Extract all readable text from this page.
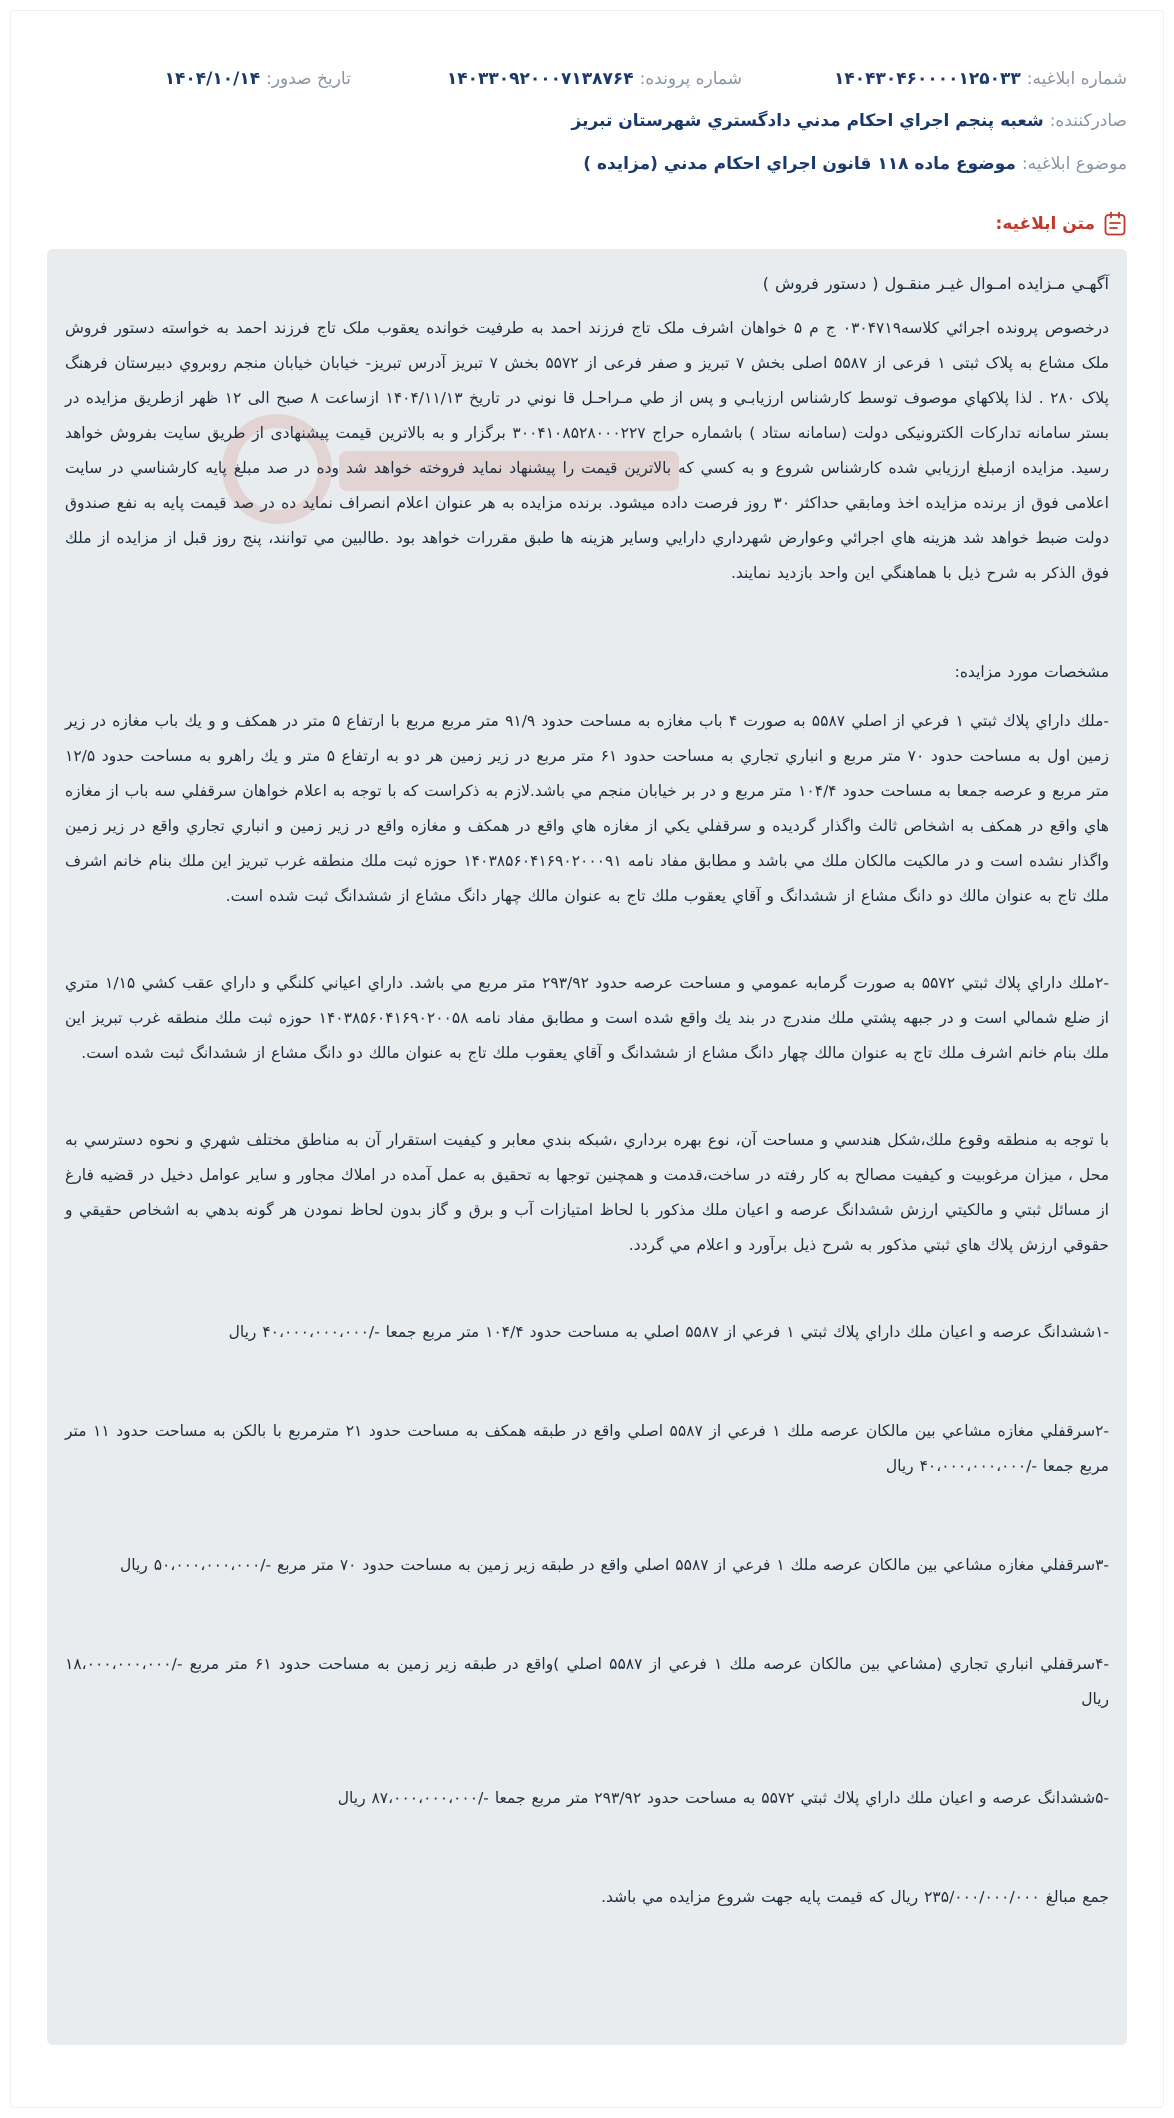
شماره ابلاغیه:
۱۴۰۴۳۰۴۶۰۰۰۰۱۲۵۰۳۳
شماره پرونده:
۱۴۰۳۳۰۹۲۰۰۰۷۱۳۸۷۶۴
تاریخ صدور:
۱۴۰۴/۱۰/۱۴
صادرکننده:
شعبه پنجم اجراي احكام مدني دادگستري شهرستان تبريز
موضوع ابلاغیه:
موضوع ماده ۱۱۸ قانون اجراي احكام مدني (مزايده )
متن ابلاغیه:

آگهـي مـزايده امـوال غيـر منقـول ( دستور فروش )

درخصوص پرونده اجرائي كلاسه۰۳۰۴۷۱۹ ج م ۵ خواهان اشرف ملک تاج فرزند احمد به طرفيت خوانده يعقوب ملک تاج فرزند احمد به خواسته دستور فروش ملک مشاع به پلاک ثبتی ۱ فرعی از ۵۵۸۷ اصلی بخش ۷ تبریز و صفر فرعی از ۵۵۷۲ بخش ۷ تبریز آدرس تبريز- خيابان خيابان منجم روبروي دبيرستان فرهنگ پلاک ۲۸۰ . لذا پلاكهاي موصوف توسط كارشناس ارزيابـي و پس از طي مـراحـل قا نوني در تاريخ ۱۴۰۴/۱۱/۱۳ ازساعت ۸ صبح الی ۱۲ ظهر ازطريق مزايده در بستر سامانه تداركات الكترونيكی دولت (سامانه ستاد ) باشماره حراج ۳۰۰۴۱۰۸۵۲۸۰۰۰۲۲۷ برگزار و به بالاترين قيمت پيشنهادی از طريق سايت بفروش خواهد رسيد. مزايده ازمبلغ ارزيابي شده كارشناس شروع و به كسي كه بالاترين قيمت را پيشنهاد نمايد فروخته خواهد شد وده در صد مبلغ پايه كارشناسي در سايت اعلامی فوق از برنده مزايده اخذ ومابقي حداكثر ۳۰ روز فرصت داده ميشود. برنده مزايده به هر عنوان اعلام انصراف نمايد ده در صد قيمت پايه به نفع صندوق دولت ضبط خواهد شد هزينه هاي اجرائي وعوارض شهرداري دارايي وساير هزينه ها طبق مقررات خواهد بود .طالبين مي توانند، پنج روز قبل از مزايده از ملك فوق الذكر به شرح ذيل با هماهنگي اين واحد بازديد نمايند.

مشخصات مورد مزايده:

-ملك داراي پلاك ثبتي ۱ فرعي از اصلي ۵۵۸۷ به صورت ۴ باب مغازه به مساحت حدود ۹۱/۹ متر مربع مربع با ارتفاع ۵ متر در همكف و و يك باب مغازه در زير زمين اول به مساحت حدود ۷۰ متر مربع و انباري تجاري به مساحت حدود ۶۱ متر مربع در زير زمين هر دو به ارتفاع ۵ متر و يك راهرو به مساحت حدود ۱۲/۵ متر مربع و عرصه جمعا به مساحت حدود ۱۰۴/۴ متر مربع و در بر خيابان منجم مي باشد.لازم به ذكراست كه با توجه به اعلام خواهان سرقفلي سه باب از مغازه هاي واقع در همكف به اشخاص ثالث واگذار گرديده و سرقفلي يكي از مغازه هاي واقع در همكف و مغازه واقع در زير زمين و انباري تجاري واقع در زير زمين واگذار نشده است و در مالكيت مالكان ملك مي باشد و مطابق مفاد نامه ۱۴۰۳۸۵۶۰۴۱۶۹۰۲۰۰۰۹۱ حوزه ثبت ملك منطقه غرب تبريز اين ملك بنام خانم اشرف ملك تاج به عنوان مالك دو دانگ مشاع از ششدانگ و آقاي يعقوب ملك تاج به عنوان مالك چهار دانگ مشاع از ششدانگ ثبت شده است.

-۲ملك داراي پلاك ثبتي ۵۵۷۲ به صورت گرمابه عمومي و مساحت عرصه حدود ۲۹۳/۹۲ متر مربع مي باشد. داراي اعياني كلنگي و داراي عقب كشي ۱/۱۵ متري از ضلع شمالي است و در جبهه پشتي ملك مندرج در بند يك واقع شده است و مطابق مفاد نامه ۱۴۰۳۸۵۶۰۴۱۶۹۰۲۰۰۵۸ حوزه ثبت ملك منطقه غرب تبريز اين ملك بنام خانم اشرف ملك تاج به عنوان مالك چهار دانگ مشاع از ششدانگ و آقاي يعقوب ملك تاج به عنوان مالك دو دانگ مشاع از ششدانگ ثبت شده است.

با توجه به منطقه وقوع ملك،شكل هندسي و مساحت آن، نوع بهره برداري ،شبكه بندي معابر و كيفيت استقرار آن به مناطق مختلف شهري و نحوه دسترسي به محل ، ميزان مرغوبيت و كيفيت مصالح به كار رفته در ساخت،قدمت و همچنين توجها به تحقيق به عمل آمده در املاك مجاور و ساير عوامل دخيل در قضيه فارغ از مسائل ثبتي و مالكيتي ارزش ششدانگ عرصه و اعيان ملك مذكور با لحاظ امتيازات آب و برق و گاز بدون لحاظ نمودن هر گونه بدهي به اشخاص حقيقي و حقوقي ارزش پلاك هاي ثبتي مذكور به شرح ذيل برآورد و اعلام مي گردد.

-۱ششدانگ عرصه و اعيان ملك داراي پلاك ثبتي ۱ فرعي از ۵۵۸۷ اصلي به مساحت حدود ۱۰۴/۴ متر مربع جمعا -/۴۰،۰۰۰،۰۰۰،۰۰۰ ريال

-۲سرقفلي مغازه مشاعي بين مالكان عرصه ملك ۱ فرعي از ۵۵۸۷ اصلي واقع در طبقه همكف به مساحت حدود ۲۱ مترمربع با بالكن به مساحت حدود ۱۱ متر مربع جمعا -/۴۰،۰۰۰،۰۰۰،۰۰۰ ريال

-۳سرقفلي مغازه مشاعي بين مالكان عرصه ملك ۱ فرعي از ۵۵۸۷ اصلي واقع در طبقه زير زمين به مساحت حدود ۷۰ متر مربع -/۵۰،۰۰۰،۰۰۰،۰۰۰ ريال

-۴سرقفلي انباري تجاري (مشاعي بين مالكان عرصه ملك ۱ فرعي از ۵۵۸۷ اصلي )واقع در طبقه زير زمين به مساحت حدود ۶۱ متر مربع -/۱۸،۰۰۰،۰۰۰،۰۰۰ ريال

-۵ششدانگ عرصه و اعيان ملك داراي پلاك ثبتي ۵۵۷۲ به مساحت حدود ۲۹۳/۹۲ متر مربع جمعا -/۸۷،۰۰۰،۰۰۰،۰۰۰ ريال

جمع مبالغ ۲۳۵/۰۰۰/۰۰۰/۰۰۰ ريال كه قيمت پايه جهت شروع مزايده مي باشد.
